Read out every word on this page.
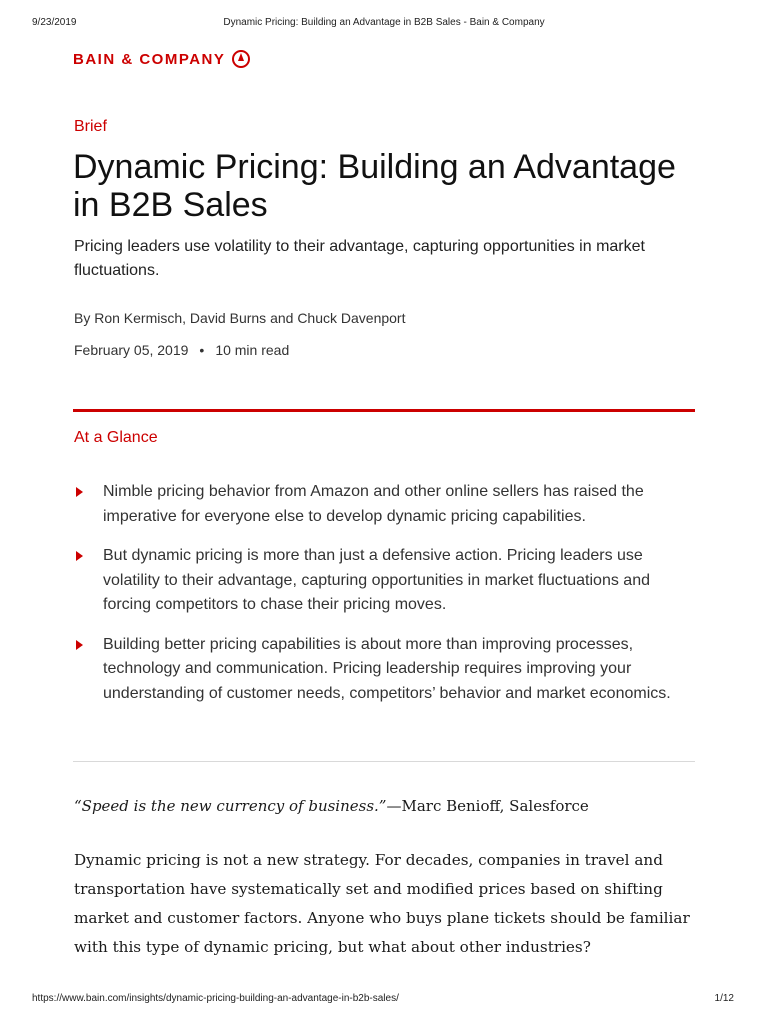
9/23/2019	Dynamic Pricing: Building an Advantage in B2B Sales - Bain & Company
BAIN & COMPANY
Brief
Dynamic Pricing: Building an Advantage in B2B Sales
Pricing leaders use volatility to their advantage, capturing opportunities in market fluctuations.
By Ron Kermisch, David Burns and Chuck Davenport
February 05, 2019 • 10 min read
At a Glance
Nimble pricing behavior from Amazon and other online sellers has raised the imperative for everyone else to develop dynamic pricing capabilities.
But dynamic pricing is more than just a defensive action. Pricing leaders use volatility to their advantage, capturing opportunities in market fluctuations and forcing competitors to chase their pricing moves.
Building better pricing capabilities is about more than improving processes, technology and communication. Pricing leadership requires improving your understanding of customer needs, competitors’ behavior and market economics.
“Speed is the new currency of business.”—Marc Benioff, Salesforce
Dynamic pricing is not a new strategy. For decades, companies in travel and transportation have systematically set and modified prices based on shifting market and customer factors. Anyone who buys plane tickets should be familiar with this type of dynamic pricing, but what about other industries?
https://www.bain.com/insights/dynamic-pricing-building-an-advantage-in-b2b-sales/	1/12
